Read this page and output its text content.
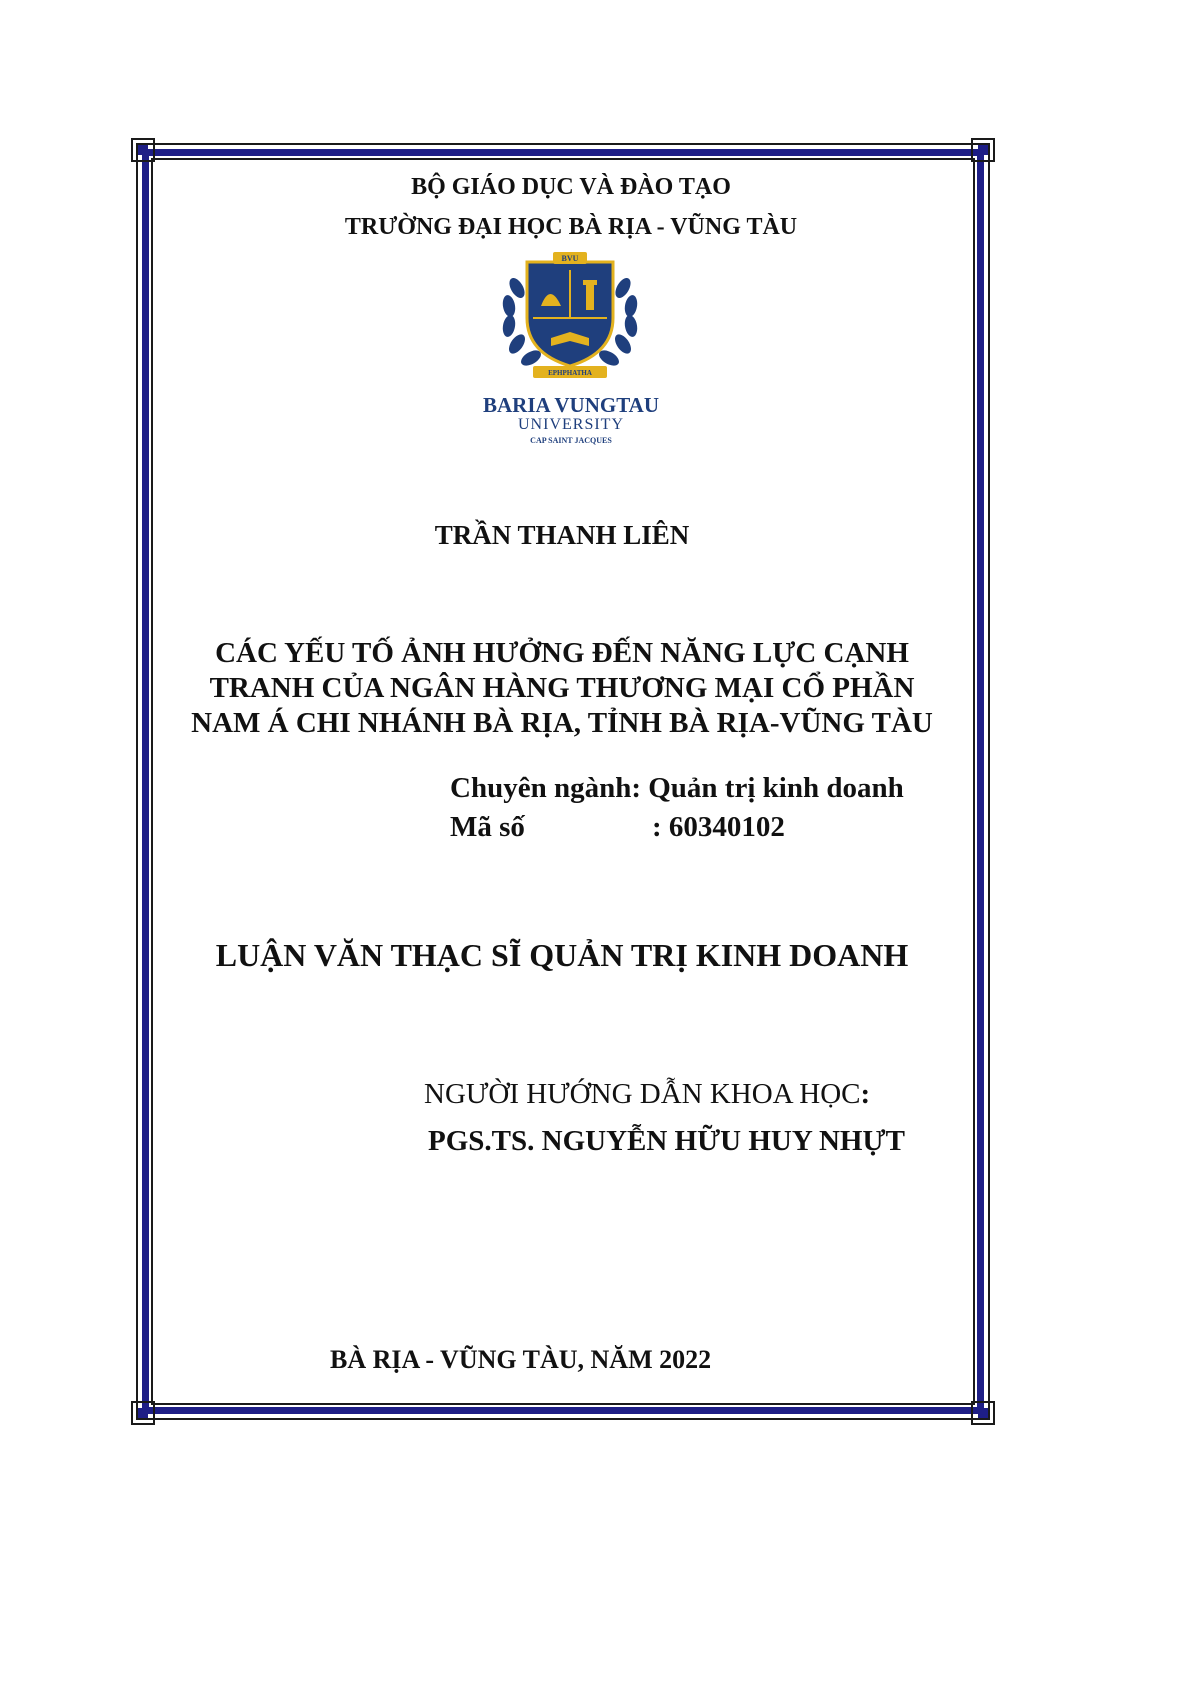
BỘ GIÁO DỤC VÀ ĐÀO TẠO
TRƯỜNG ĐẠI HỌC BÀ RỊA - VŨNG TÀU
BVU
EPHPHATHA
BARIA VUNGTAU
UNIVERSITY
CAP SAINT JACQUES
TRẦN THANH LIÊN
CÁC YẾU TỐ ẢNH HƯỞNG ĐẾN NĂNG LỰC CẠNH
TRANH CỦA NGÂN HÀNG THƯƠNG MẠI CỔ PHẦN
NAM Á CHI NHÁNH BÀ RỊA, TỈNH BÀ RỊA-VŨNG TÀU
Chuyên ngành: Quản trị kinh doanh
Mã số	: 60340102
LUẬN VĂN THẠC SĨ QUẢN TRỊ KINH DOANH
NGƯỜI HƯỚNG DẪN KHOA HỌC:
PGS.TS. NGUYỄN HỮU HUY NHỰT
BÀ RỊA - VŨNG TÀU, NĂM 2022
